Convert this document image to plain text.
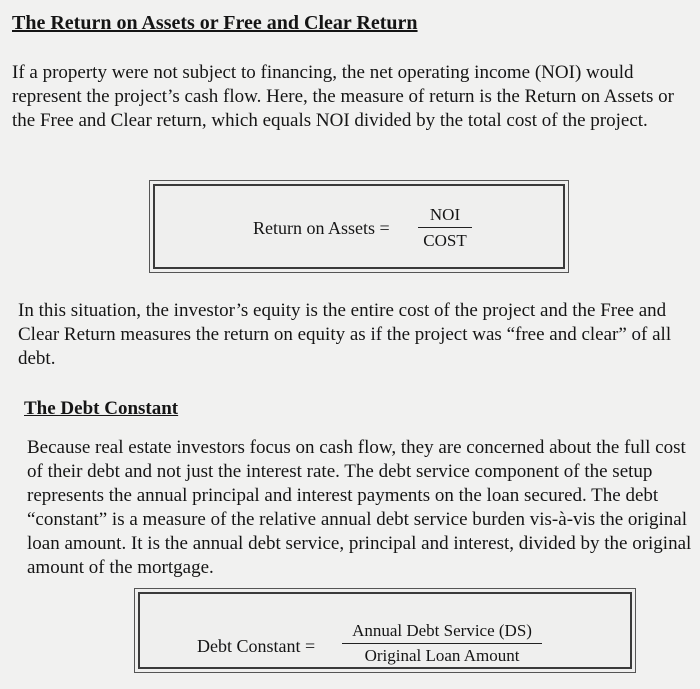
The Return on Assets or Free and Clear Return

If a property were not subject to financing, the net operating income (NOI) would represent the project’s cash flow. Here, the measure of return is the Return on Assets or the Free and Clear return, which equals NOI divided by the total cost of the project.

Return on Assets =
NOI
COST

In this situation, the investor’s equity is the entire cost of the project and the Free and Clear Return measures the return on equity as if the project was “free and clear” of all debt.

The Debt Constant

Because real estate investors focus on cash flow, they are concerned about the full cost of their debt and not just the interest rate. The debt service component of the setup represents the annual principal and interest payments on the loan secured. The debt “constant” is a measure of the relative annual debt service burden vis-à-vis the original loan amount. It is the annual debt service, principal and interest, divided by the original amount of the mortgage.

Debt Constant =
Annual Debt Service (DS)
Original Loan Amount
